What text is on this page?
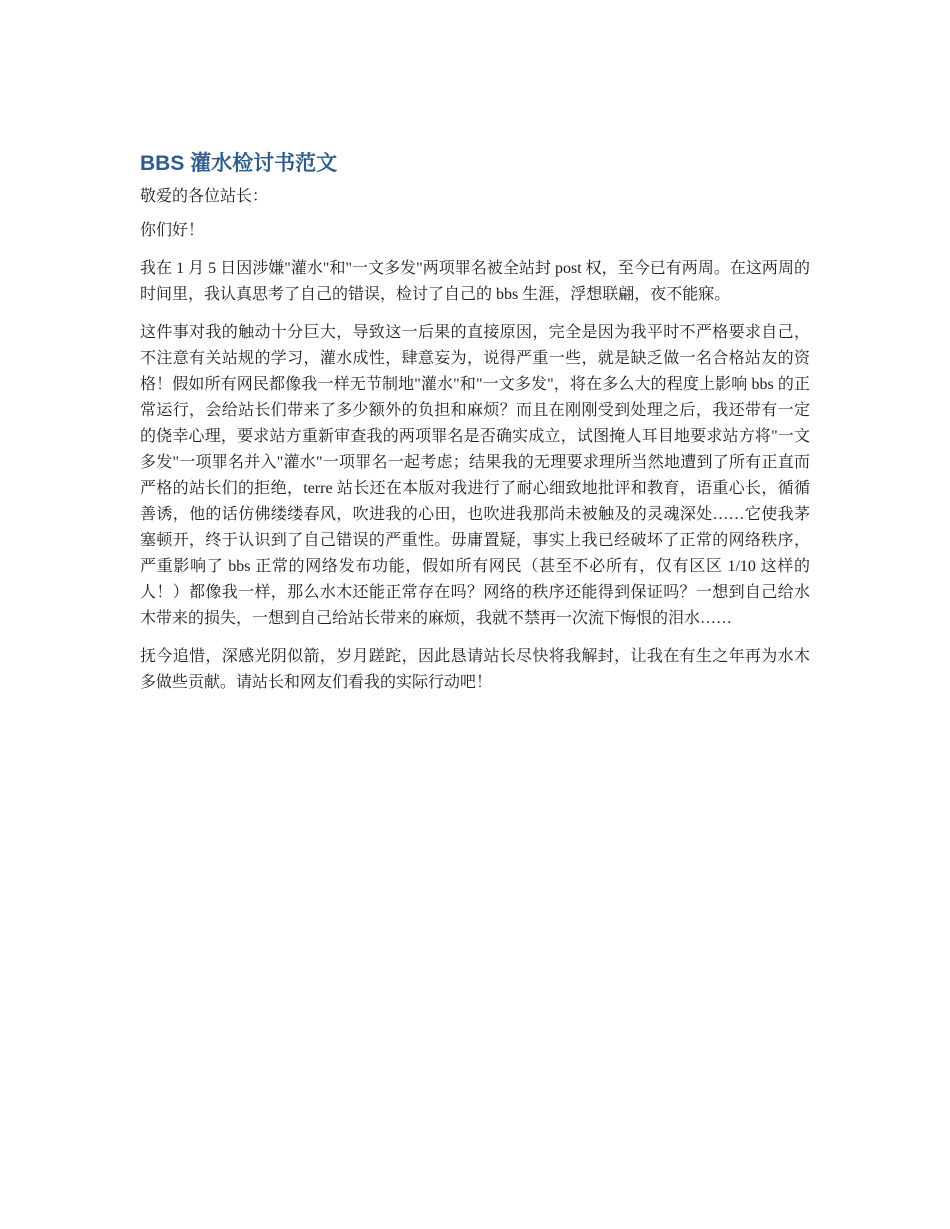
BBS 灌水检讨书范文

敬爱的各位站长：

你们好！

我在 1 月 5 日因涉嫌"灌水"和"一文多发"两项罪名被全站封 post 权，至今已有两周。在这两周的时间里，我认真思考了自己的错误，检讨了自己的 bbs 生涯，浮想联翩，夜不能寐。

这件事对我的触动十分巨大，导致这一后果的直接原因，完全是因为我平时不严格要求自己，不注意有关站规的学习，灌水成性，肆意妄为，说得严重一些，就是缺乏做一名合格站友的资格！假如所有网民都像我一样无节制地"灌水"和"一文多发"，将在多么大的程度上影响 bbs 的正常运行，会给站长们带来了多少额外的负担和麻烦？而且在刚刚受到处理之后，我还带有一定的侥幸心理，要求站方重新审查我的两项罪名是否确实成立，试图掩人耳目地要求站方将"一文多发"一项罪名并入"灌水"一项罪名一起考虑；结果我的无理要求理所当然地遭到了所有正直而严格的站长们的拒绝，terre 站长还在本版对我进行了耐心细致地批评和教育，语重心长，循循善诱，他的话仿佛缕缕春风，吹进我的心田，也吹进我那尚未被触及的灵魂深处……它使我茅塞顿开，终于认识到了自己错误的严重性。毋庸置疑，事实上我已经破坏了正常的网络秩序，严重影响了 bbs 正常的网络发布功能，假如所有网民（甚至不必所有，仅有区区 1/10 这样的人！）都像我一样，那么水木还能正常存在吗？网络的秩序还能得到保证吗？一想到自己给水木带来的损失，一想到自己给站长带来的麻烦，我就不禁再一次流下悔恨的泪水……

抚今追惜，深感光阴似箭，岁月蹉跎，因此恳请站长尽快将我解封，让我在有生之年再为水木多做些贡献。请站长和网友们看我的实际行动吧！
